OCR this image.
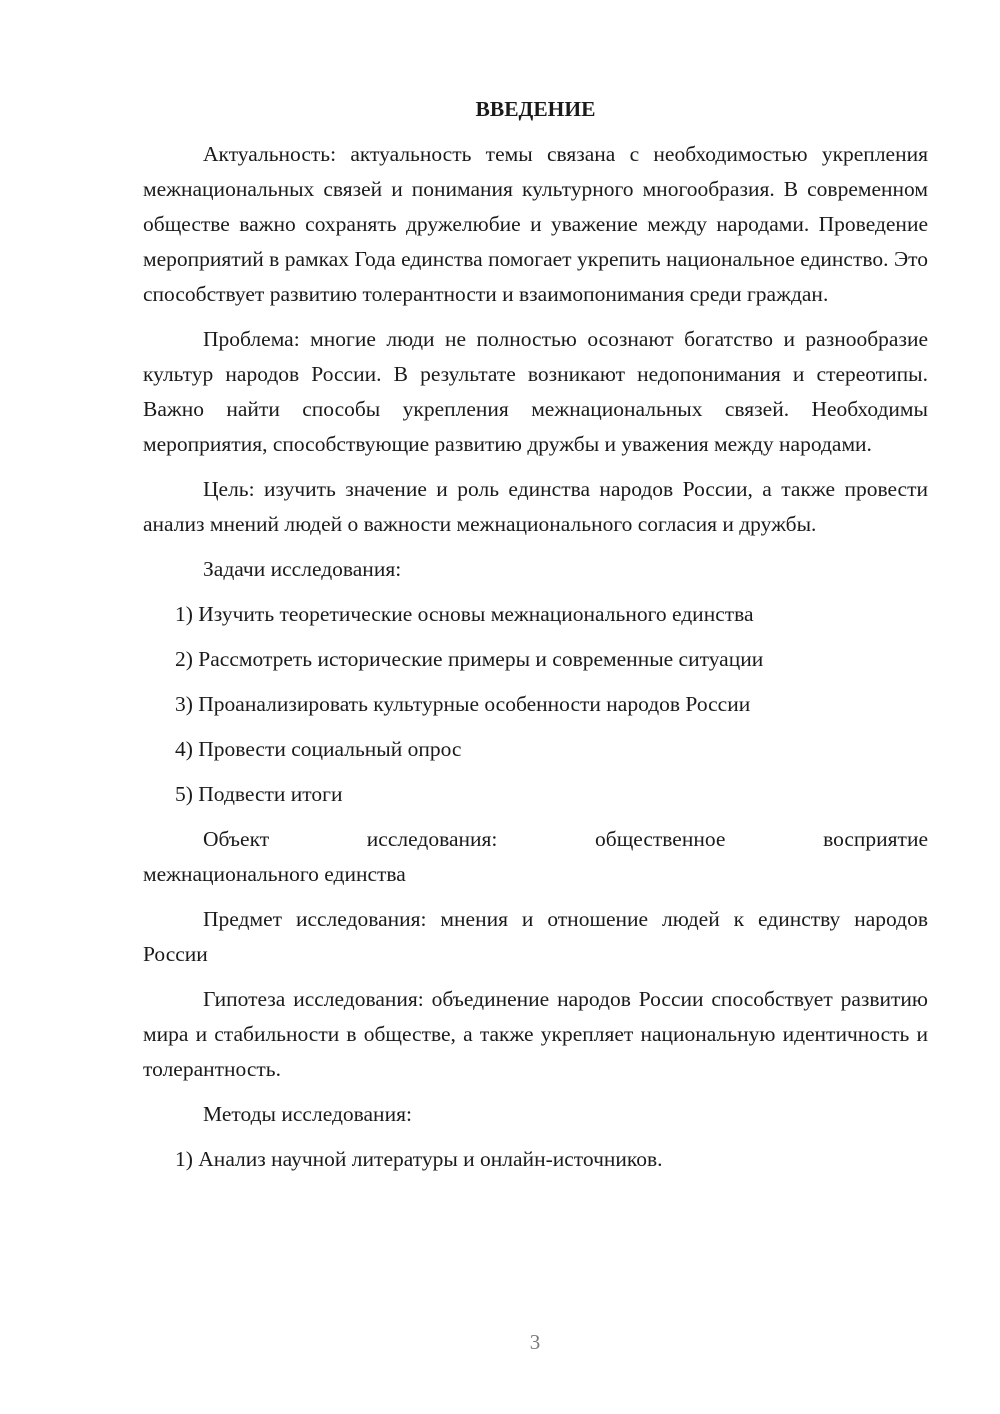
ВВЕДЕНИЕ

Актуальность: актуальность темы связана с необходимостью укрепления межнациональных связей и понимания культурного многообразия. В современном обществе важно сохранять дружелюбие и уважение между народами. Проведение мероприятий в рамках Года единства помогает укрепить национальное единство. Это способствует развитию толерантности и взаимопонимания среди граждан.

Проблема: многие люди не полностью осознают богатство и разнообразие культур народов России. В результате возникают недопонимания и стереотипы. Важно найти способы укрепления межнациональных связей. Необходимы мероприятия, способствующие развитию дружбы и уважения между народами.

Цель: изучить значение и роль единства народов России, а также провести анализ мнений людей о важности межнационального согласия и дружбы.

Задачи исследования:

1) Изучить теоретические основы межнационального единства

2) Рассмотреть исторические примеры и современные ситуации

3) Проанализировать культурные особенности народов России

4) Провести социальный опрос

5) Подвести итоги

Объект исследования: общественное восприятие
межнационального единства

Предмет исследования: мнения и отношение людей к единству народов России

Гипотеза исследования: объединение народов России способствует развитию мира и стабильности в обществе, а также укрепляет национальную идентичность и толерантность.

Методы исследования:

1) Анализ научной литературы и онлайн-источников.

3
